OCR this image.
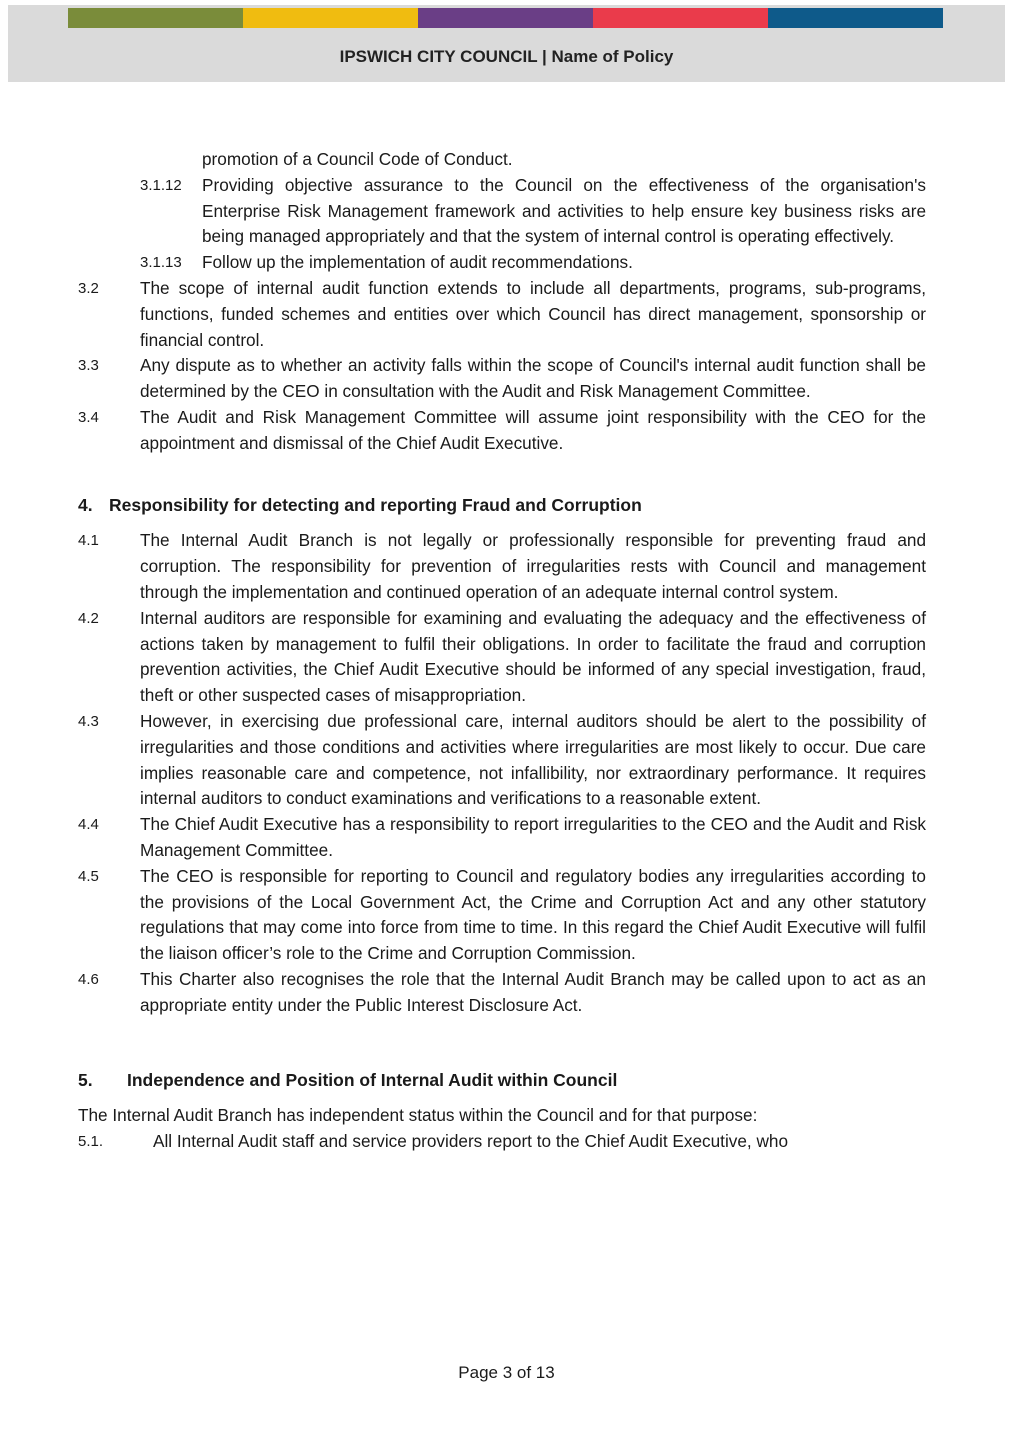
IPSWICH CITY COUNCIL | Name of Policy
promotion of a Council Code of Conduct.
3.1.12 Providing objective assurance to the Council on the effectiveness of the organisation's Enterprise Risk Management framework and activities to help ensure key business risks are being managed appropriately and that the system of internal control is operating effectively.
3.1.13 Follow up the implementation of audit recommendations.
3.2 The scope of internal audit function extends to include all departments, programs, sub-programs, functions, funded schemes and entities over which Council has direct management, sponsorship or financial control.
3.3 Any dispute as to whether an activity falls within the scope of Council's internal audit function shall be determined by the CEO in consultation with the Audit and Risk Management Committee.
3.4 The Audit and Risk Management Committee will assume joint responsibility with the CEO for the appointment and dismissal of the Chief Audit Executive.
4. Responsibility for detecting and reporting Fraud and Corruption
4.1 The Internal Audit Branch is not legally or professionally responsible for preventing fraud and corruption. The responsibility for prevention of irregularities rests with Council and management through the implementation and continued operation of an adequate internal control system.
4.2 Internal auditors are responsible for examining and evaluating the adequacy and the effectiveness of actions taken by management to fulfil their obligations. In order to facilitate the fraud and corruption prevention activities, the Chief Audit Executive should be informed of any special investigation, fraud, theft or other suspected cases of misappropriation.
4.3 However, in exercising due professional care, internal auditors should be alert to the possibility of irregularities and those conditions and activities where irregularities are most likely to occur. Due care implies reasonable care and competence, not infallibility, nor extraordinary performance. It requires internal auditors to conduct examinations and verifications to a reasonable extent.
4.4 The Chief Audit Executive has a responsibility to report irregularities to the CEO and the Audit and Risk Management Committee.
4.5 The CEO is responsible for reporting to Council and regulatory bodies any irregularities according to the provisions of the Local Government Act, the Crime and Corruption Act and any other statutory regulations that may come into force from time to time. In this regard the Chief Audit Executive will fulfil the liaison officer’s role to the Crime and Corruption Commission.
4.6 This Charter also recognises the role that the Internal Audit Branch may be called upon to act as an appropriate entity under the Public Interest Disclosure Act.
5. Independence and Position of Internal Audit within Council
The Internal Audit Branch has independent status within the Council and for that purpose:
5.1.	All Internal Audit staff and service providers report to the Chief Audit Executive, who
Page 3 of 13
